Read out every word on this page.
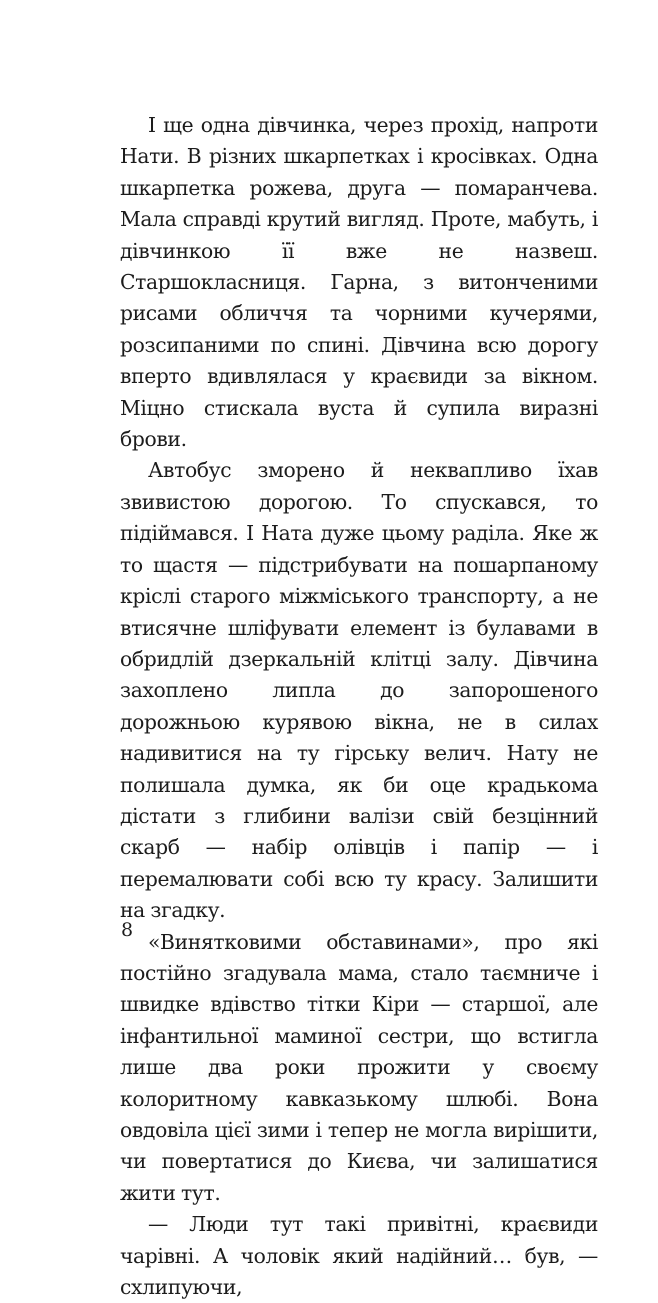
І ще одна дівчинка, через прохід, напроти Нати. В різних шкарпетках і кросівках. Одна шкарпетка рожева, друга — помаранчева. Мала справді крутий вигляд. Проте, мабуть, і дівчинкою її вже не назвеш. Старшокласниця. Гарна, з витонченими рисами обличчя та чорними кучерями, розсипаними по спині. Дівчина всю дорогу вперто вдивлялася у краєвиди за вікном. Міцно стискала вуста й супила виразні брови.

Автобус зморено й неквапливо їхав звивистою дорогою. То спускався, то підіймався. І Ната дуже цьому раділа. Яке ж то щастя — підстрибувати на пошарпаному кріслі старого міжміського транспорту, а не втисячне шліфувати елемент із булавами в обридлій дзеркальній клітці залу. Дівчина захоплено липла до запорошеного дорожньою курявою вікна, не в силах надивитися на ту гірську велич. Нату не полишала думка, як би оце крадькома дістати з глибини валізи свій безцінний скарб — набір олівців і папір — і перемалювати собі всю ту красу. Залишити на згадку.

«Винятковими обставинами», про які постійно згадувала мама, стало таємниче і швидке вдівство тітки Кіри — старшої, але інфантильної маминої сестри, що встигла лише два роки прожити у своєму колоритному кавказькому шлюбі. Вона овдовіла цієї зими і тепер не могла вирішити, чи повертатися до Києва, чи залишатися жити тут.

— Люди тут такі привітні, краєвиди чарівні. А чоловік який надійний… був, — схлипуючи,

8
